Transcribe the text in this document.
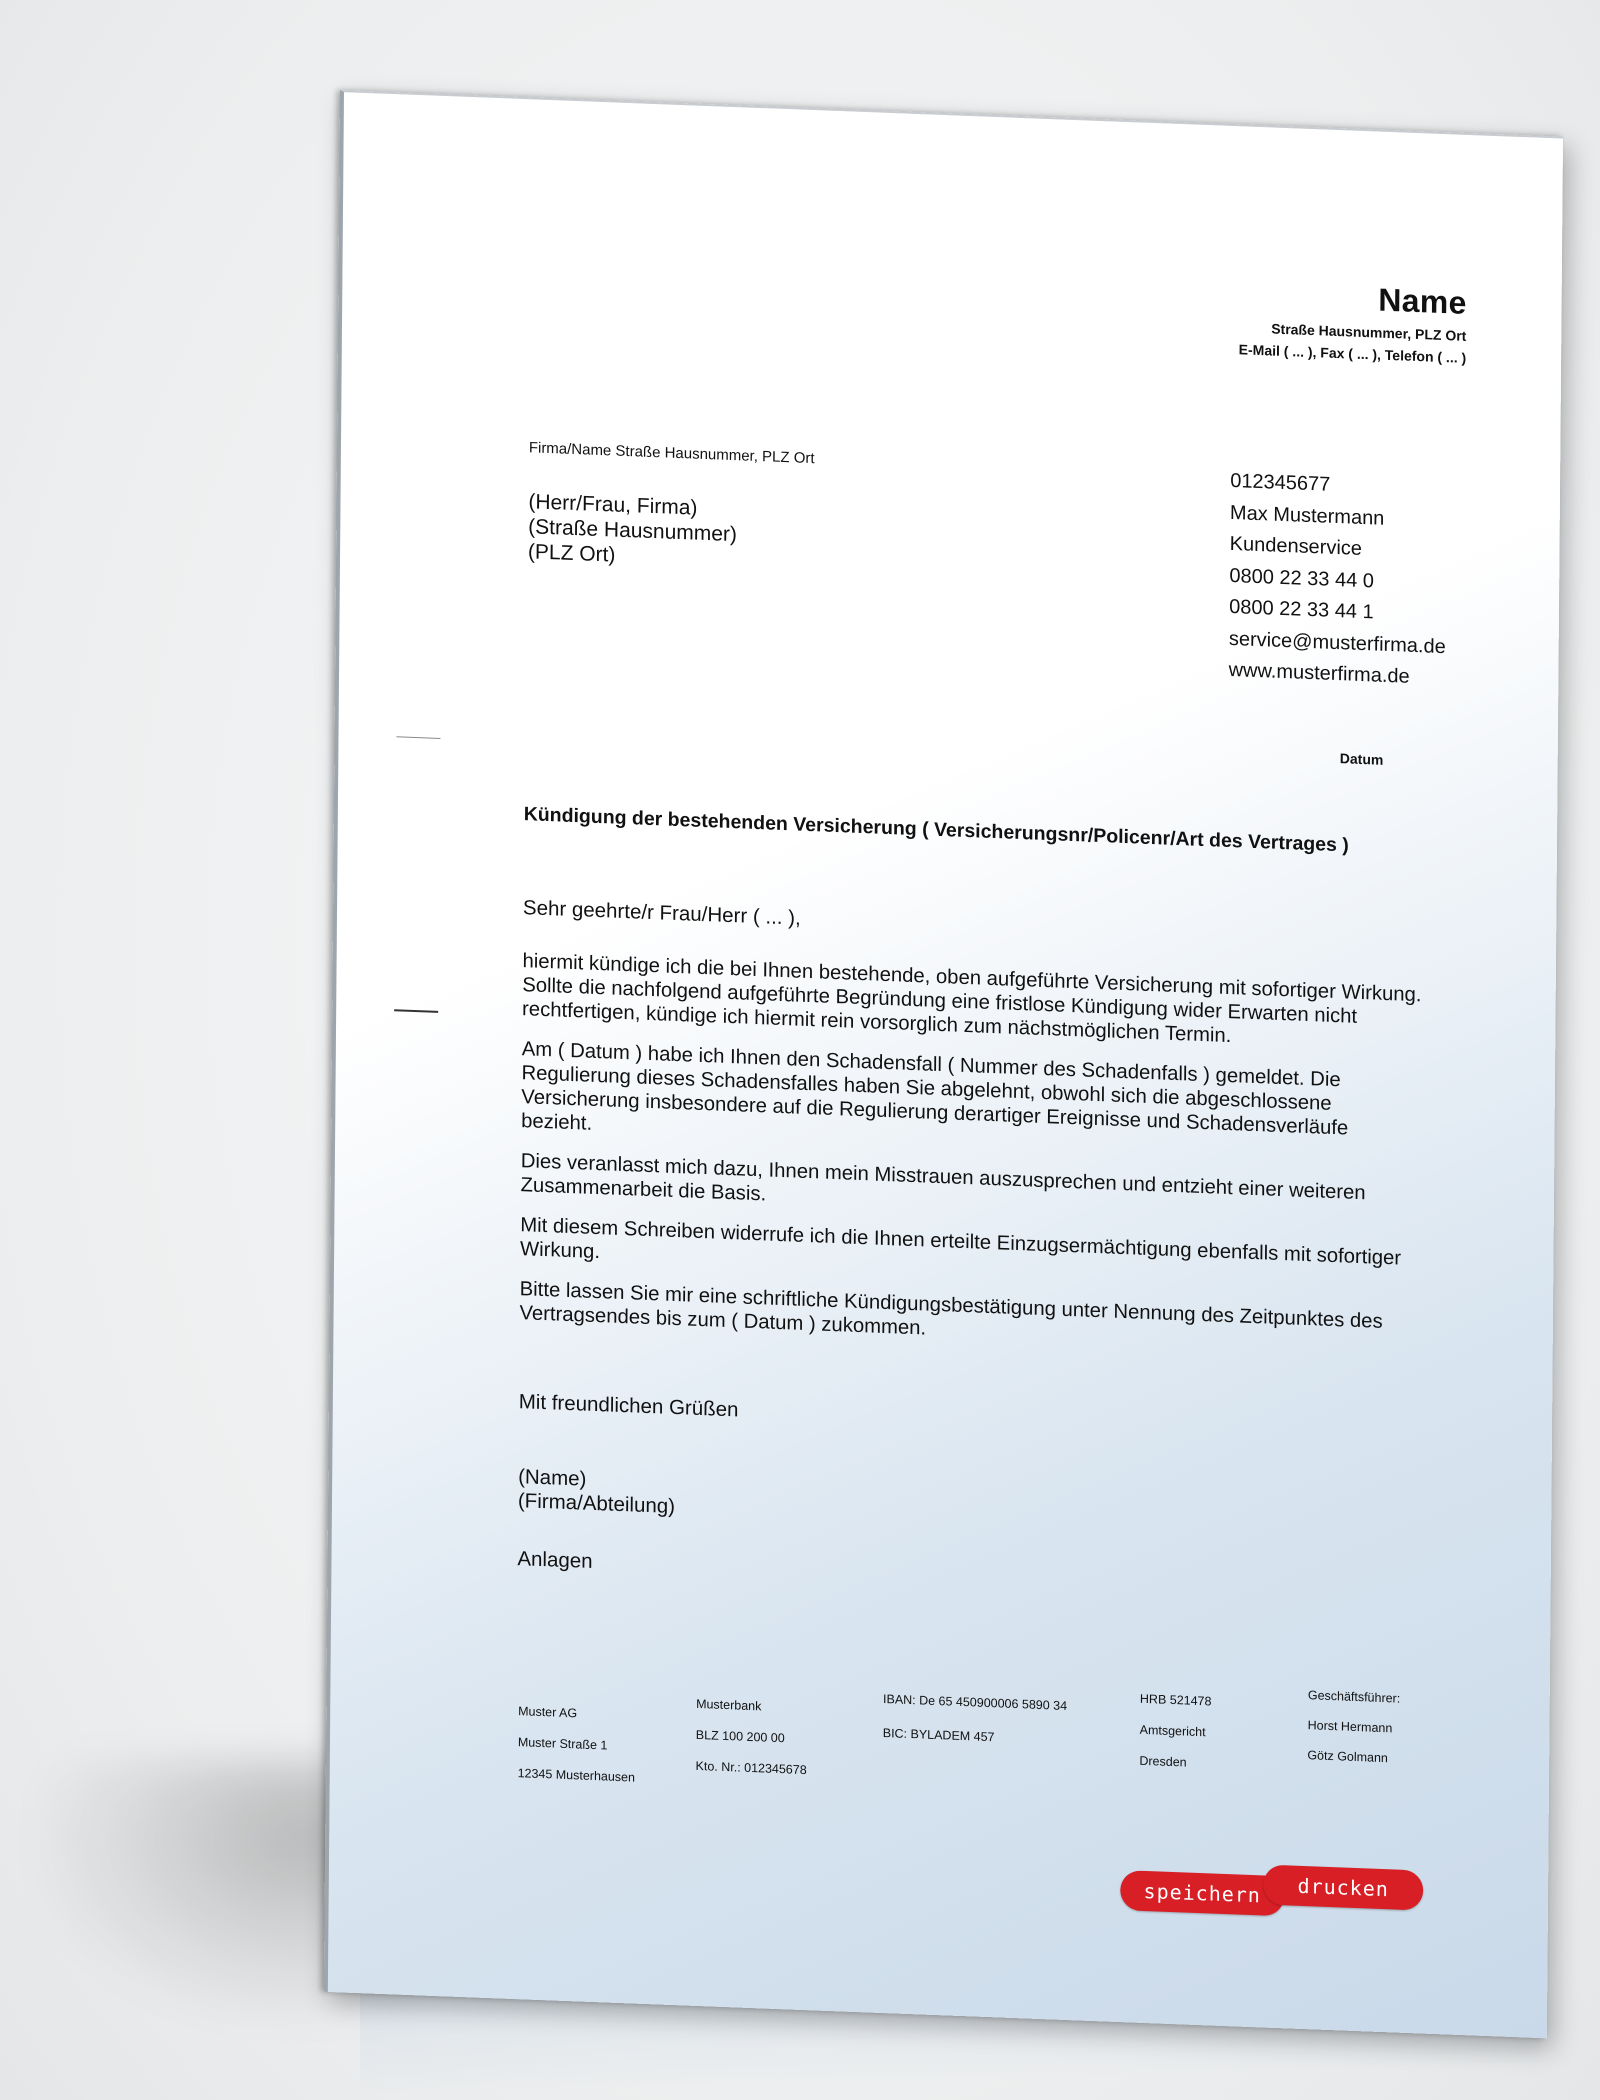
Name
Straße Hausnummer, PLZ Ort
E-Mail ( ... ), Fax ( ... ), Telefon ( ... )
Firma/Name Straße Hausnummer, PLZ Ort
(Herr/Frau, Firma)
(Straße Hausnummer)
(PLZ Ort)
012345677
Max Mustermann
Kundenservice
0800 22 33 44 0
0800 22 33 44 1
service@musterfirma.de
www.musterfirma.de
Datum
Kündigung der bestehenden Versicherung ( Versicherungsnr/Policenr/Art des Vertrages )
Sehr geehrte/r Frau/Herr ( ... ),

hiermit kündige ich die bei Ihnen bestehende, oben aufgeführte Versicherung mit sofortiger Wirkung. Sollte die nachfolgend aufgeführte Begründung eine fristlose Kündigung wider Erwarten nicht rechtfertigen, kündige ich hiermit rein vorsorglich zum nächstmöglichen Termin.

Am ( Datum ) habe ich Ihnen den Schadensfall ( Nummer des Schadenfalls ) gemeldet. Die Regulierung dieses Schadensfalles haben Sie abgelehnt, obwohl sich die abgeschlossene Versicherung insbesondere auf die Regulierung derartiger Ereignisse und Schadensverläufe bezieht.

Dies veranlasst mich dazu, Ihnen mein Misstrauen auszusprechen und entzieht einer weiteren Zusammenarbeit die Basis.

Mit diesem Schreiben widerrufe ich die Ihnen erteilte Einzugsermächtigung ebenfalls mit sofortiger Wirkung.

Bitte lassen Sie mir eine schriftliche Kündigungsbestätigung unter Nennung des Zeitpunktes des Vertragsendes bis zum ( Datum ) zukommen.

Mit freundlichen Grüßen
(Name)
(Firma/Abteilung)
Anlagen
Muster AG
Muster Straße 1
12345 Musterhausen
Musterbank
BLZ 100 200 00
Kto. Nr.: 012345678
IBAN: De 65 450900006 5890 34
BIC: BYLADEM 457
HRB 521478
Amtsgericht
Dresden
Geschäftsführer:
Horst Hermann
Götz Golmann
speichern	drucken
